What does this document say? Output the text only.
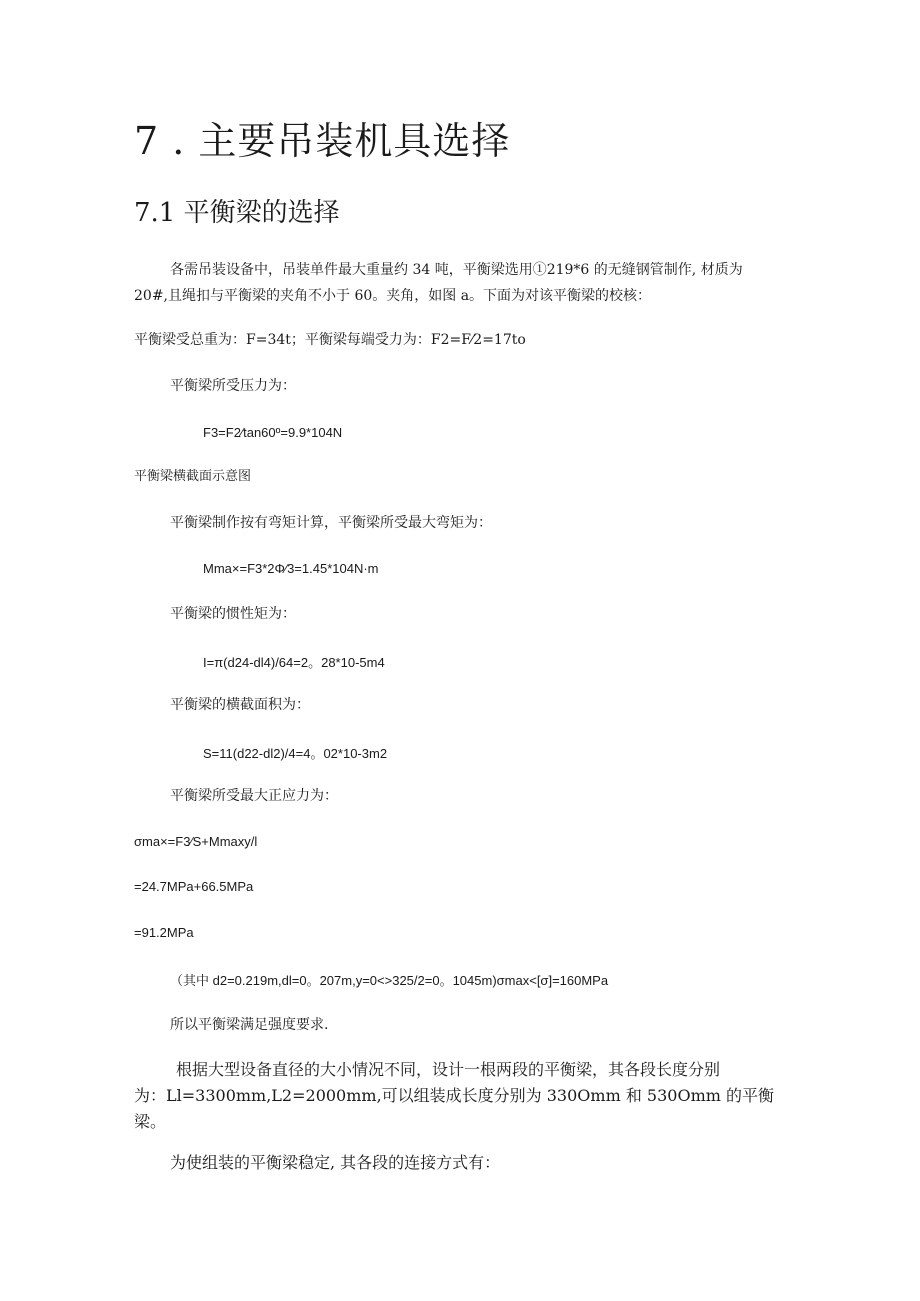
7 . 主要吊装机具选择
7.1 平衡梁的选择
各需吊装设备中，吊装单件最大重量约 34 吨，平衡梁选用①219*6 的无缝钢管制作, 材质为
20#,且绳扣与平衡梁的夹角不小于 60。夹角，如图 a。下面为对该平衡梁的校核：

平衡梁受总重为：F=34t；平衡梁每端受力为：F2=F⁄2=17to

平衡梁所受压力为：

F3=F2⁄tan60º=9.9*104N

平衡梁横截面示意图

平衡梁制作按有弯矩计算，平衡梁所受最大弯矩为：

Mma×=F3*2Φ⁄3=1.45*104N·m

平衡梁的惯性矩为：

I=π(d24-dl4)/64=2。28*10-5m4

平衡梁的横截面积为：

S=11(d22-dl2)/4=4。02*10-3m2

平衡梁所受最大正应力为：

σma×=F3⁄S+Mmaxy/l

=24.7MPa+66.5MPa

=91.2MPa

（其中 d2=0.219m,dl=0。207m,y=0<>325/2=0。1045m)σmax<[σ]=160MPa

所以平衡梁满足强度要求.

根据大型设备直径的大小情况不同，设计一根两段的平衡梁，其各段长度分别
为：Ll=3300mm,L2=2000mm,可以组装成长度分别为 330Omm 和 530Omm 的平衡
梁。

为使组装的平衡梁稳定, 其各段的连接方式有：
